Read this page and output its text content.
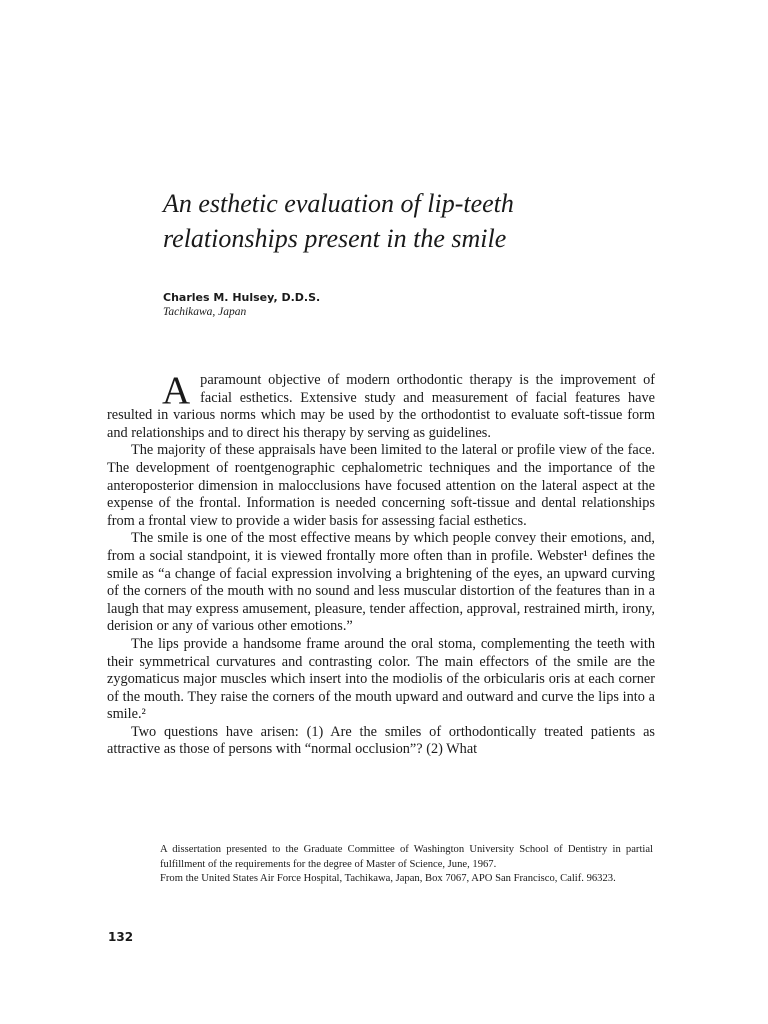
An esthetic evaluation of lip-teeth
relationships present in the smile
Charles M. Hulsey, D.D.S.
Tachikawa, Japan

Aparamount objective of modern orthodontic therapy is the improvement of facial esthetics. Extensive study and measurement of facial features have resulted in various norms which may be used by the orthodontist to evaluate soft-tissue form and relationships and to direct his therapy by serving as guidelines.

The majority of these appraisals have been limited to the lateral or profile view of the face. The development of roentgenographic cephalometric techniques and the importance of the anteroposterior dimension in malocclusions have focused attention on the lateral aspect at the expense of the frontal. Information is needed concerning soft-tissue and dental relationships from a frontal view to provide a wider basis for assessing facial esthetics.

The smile is one of the most effective means by which people convey their emotions, and, from a social standpoint, it is viewed frontally more often than in profile. Webster¹ defines the smile as “a change of facial expression involving a brightening of the eyes, an upward curving of the corners of the mouth with no sound and less muscular distortion of the features than in a laugh that may express amusement, pleasure, tender affection, approval, restrained mirth, irony, derision or any of various other emotions.”

The lips provide a handsome frame around the oral stoma, complementing the teeth with their symmetrical curvatures and contrasting color. The main effectors of the smile are the zygomaticus major muscles which insert into the modiolis of the orbicularis oris at each corner of the mouth. They raise the corners of the mouth upward and outward and curve the lips into a smile.²

Two questions have arisen: (1) Are the smiles of orthodontically treated patients as attractive as those of persons with “normal occlusion”? (2) What

A dissertation presented to the Graduate Committee of Washington University School of Dentistry in partial fulfillment of the requirements for the degree of Master of Science, June, 1967.

From the United States Air Force Hospital, Tachikawa, Japan, Box 7067, APO San Francisco, Calif. 96323.

132
